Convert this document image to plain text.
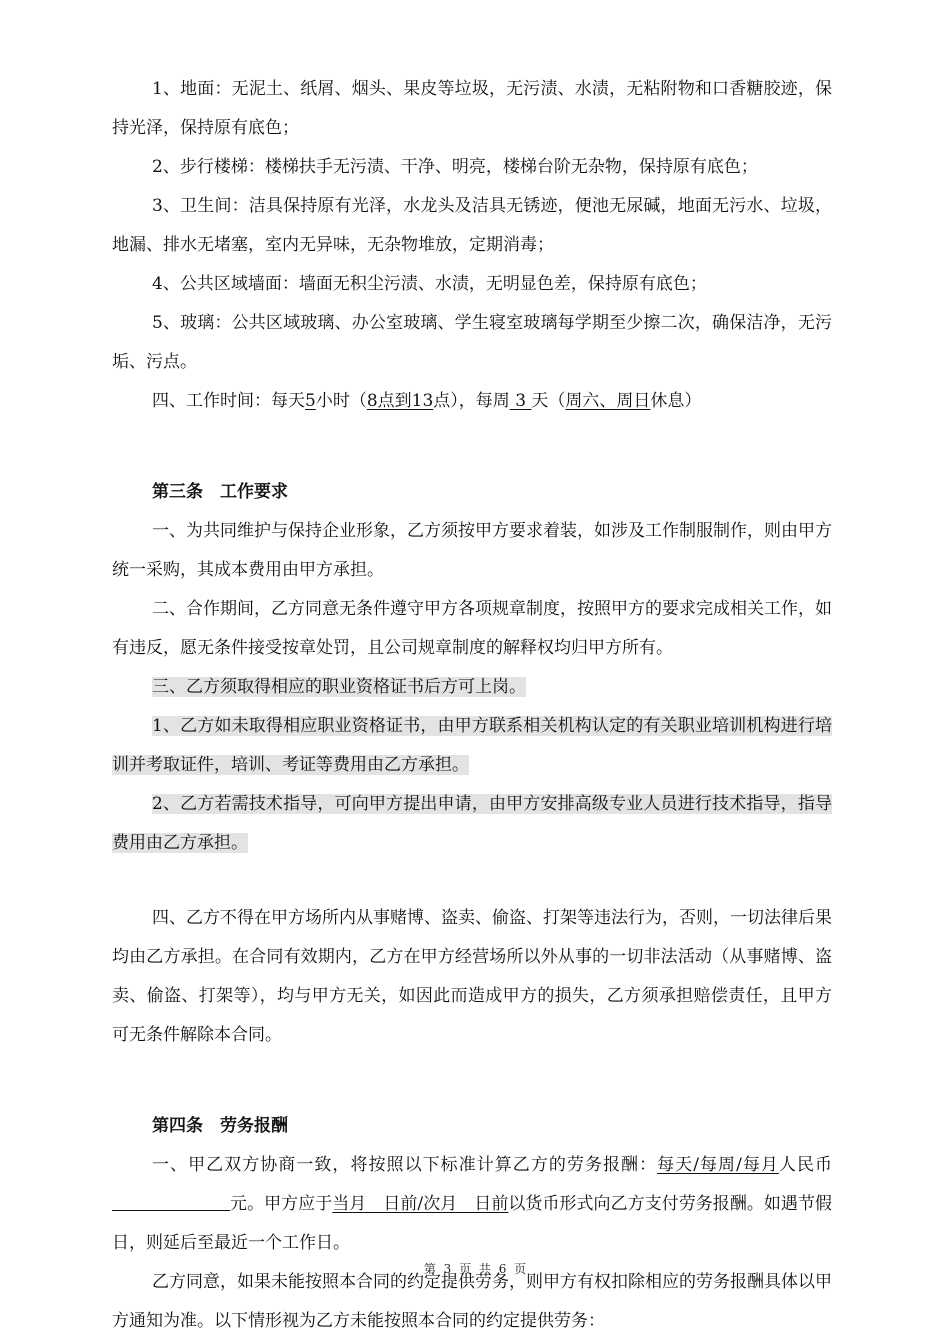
1、地面：无泥土、纸屑、烟头、果皮等垃圾，无污渍、水渍，无粘附物和口香糖胶迹，保持光泽，保持原有底色；

2、步行楼梯：楼梯扶手无污渍、干净、明亮，楼梯台阶无杂物，保持原有底色；

3、卫生间：洁具保持原有光泽，水龙头及洁具无锈迹，便池无尿碱，地面无污水、垃圾，地漏、排水无堵塞，室内无异味，无杂物堆放，定期消毒；

4、公共区域墙面：墙面无积尘污渍、水渍，无明显色差，保持原有底色；

5、玻璃：公共区域玻璃、办公室玻璃、学生寝室玻璃每学期至少擦二次，确保洁净，无污垢、污点。

四、工作时间：每天5小时（8点到13点），每周 3 天（周六、周日休息）

第三条　工作要求

一、为共同维护与保持企业形象，乙方须按甲方要求着装，如涉及工作制服制作，则由甲方统一采购，其成本费用由甲方承担。

二、合作期间，乙方同意无条件遵守甲方各项规章制度，按照甲方的要求完成相关工作，如有违反，愿无条件接受按章处罚，且公司规章制度的解释权均归甲方所有。

三、乙方须取得相应的职业资格证书后方可上岗。

1、乙方如未取得相应职业资格证书，由甲方联系相关机构认定的有关职业培训机构进行培训并考取证件，培训、考证等费用由乙方承担。

2、乙方若需技术指导，可向甲方提出申请，由甲方安排高级专业人员进行技术指导，指导费用由乙方承担。

四、乙方不得在甲方场所内从事赌博、盗卖、偷盗、打架等违法行为，否则，一切法律后果均由乙方承担。在合同有效期内，乙方在甲方经营场所以外从事的一切非法活动（从事赌博、盗卖、偷盗、打架等），均与甲方无关，如因此而造成甲方的损失，乙方须承担赔偿责任，且甲方可无条件解除本合同。

第四条　劳务报酬

一、甲乙双方协商一致，将按照以下标准计算乙方的劳务报酬：每天/每周/每月人民币元。甲方应于当月　日前/次月　日前以货币形式向乙方支付劳务报酬。如遇节假日，则延后至最近一个工作日。

乙方同意，如果未能按照本合同的约定提供劳务，则甲方有权扣除相应的劳务报酬具体以甲方通知为准。以下情形视为乙方未能按照本合同的约定提供劳务：

第 3 页 共 6 页
